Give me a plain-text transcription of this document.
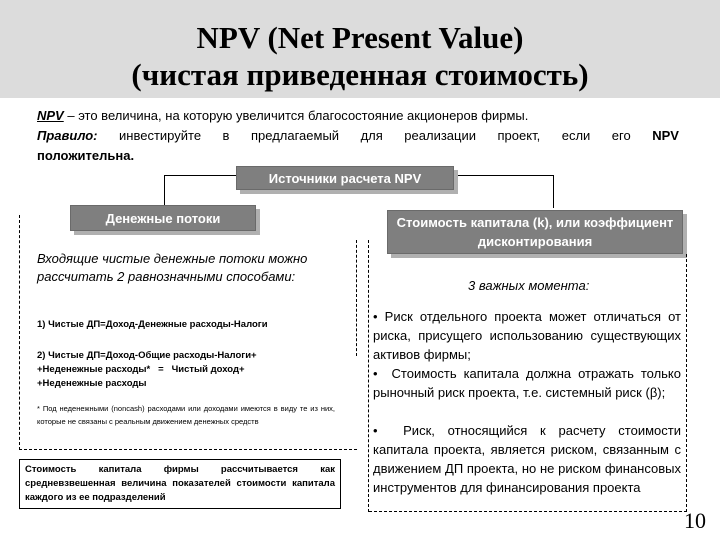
NPV (Net Present Value)
(чистая приведенная стоимость)
NPV – это величина, на которую увеличится благосостояние акционеров фирмы.
Правило: инвестируйте в предлагаемый для реализации проект, если его NPV
положительна.
Источники расчета NPV
Денежные потоки	Стоимость капитала (k), или коэффициент дисконтирования
Входящие чистые денежные потоки можно рассчитать 2 равнозначными способами:
1) Чистые ДП=Доход-Денежные расходы-Налоги
2) Чистые ДП=Доход-Общие расходы-Налоги+
+Неденежные расходы*   =   Чистый доход+
+Неденежные расходы
* Под неденежными (noncash) расходами или доходами имеются в виду те из них, которые не связаны с реальным движением денежных средств
Стоимость капитала фирмы рассчитывается как средневзвешенная величина показателей стоимости капитала каждого из ее подразделений
3 важных момента:
• Риск отдельного проекта может отличаться от риска, присущего использованию существующих активов фирмы;
•  Стоимость капитала должна отражать только рыночный риск проекта, т.е. системный риск (β);
•  Риск, относящийся к расчету стоимости капитала проекта, является риском, связанным с движением ДП проекта, но не риском финансовых инструментов для финансирования проекта
10
